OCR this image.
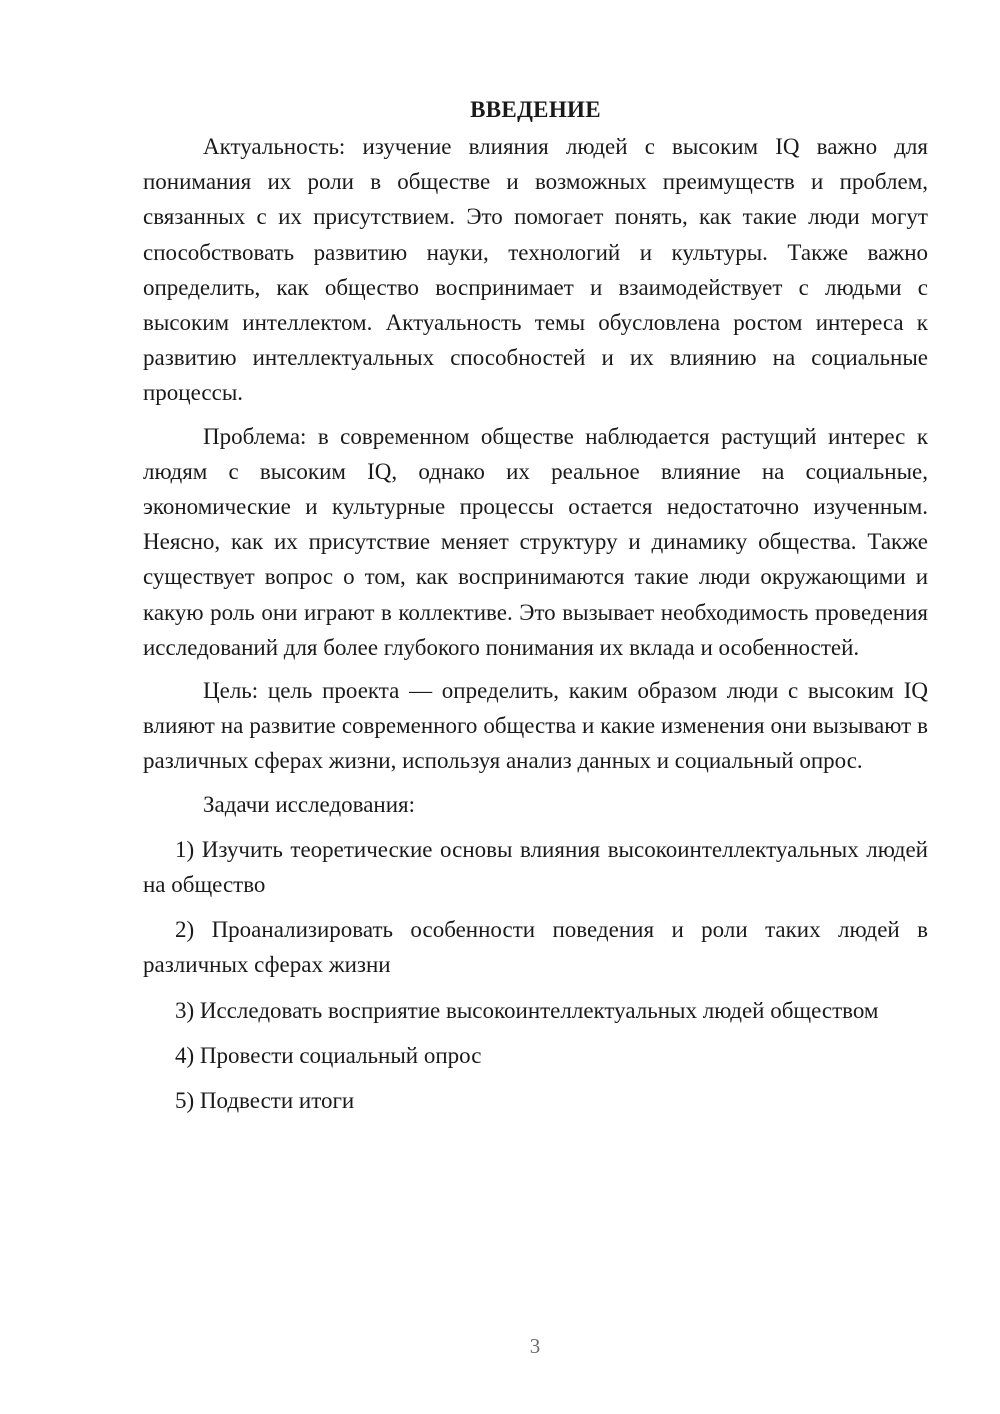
ВВЕДЕНИЕ

Актуальность: изучение влияния людей с высоким IQ важно для понимания их роли в обществе и возможных преимуществ и проблем, связанных с их присутствием. Это помогает понять, как такие люди могут способствовать развитию науки, технологий и культуры. Также важно определить, как общество воспринимает и взаимодействует с людьми с высоким интеллектом. Актуальность темы обусловлена ростом интереса к развитию интеллектуальных способностей и их влиянию на социальные процессы.

Проблема: в современном обществе наблюдается растущий интерес к людям с высоким IQ, однако их реальное влияние на социальные, экономические и культурные процессы остается недостаточно изученным. Неясно, как их присутствие меняет структуру и динамику общества. Также существует вопрос о том, как воспринимаются такие люди окружающими и какую роль они играют в коллективе. Это вызывает необходимость проведения исследований для более глубокого понимания их вклада и особенностей.

Цель: цель проекта — определить, каким образом люди с высоким IQ влияют на развитие современного общества и какие изменения они вызывают в различных сферах жизни, используя анализ данных и социальный опрос.

Задачи исследования:

1) Изучить теоретические основы влияния высокоинтеллектуальных людей на общество

2) Проанализировать особенности поведения и роли таких людей в различных сферах жизни

3) Исследовать восприятие высокоинтеллектуальных людей обществом

4) Провести социальный опрос

5) Подвести итоги

3
